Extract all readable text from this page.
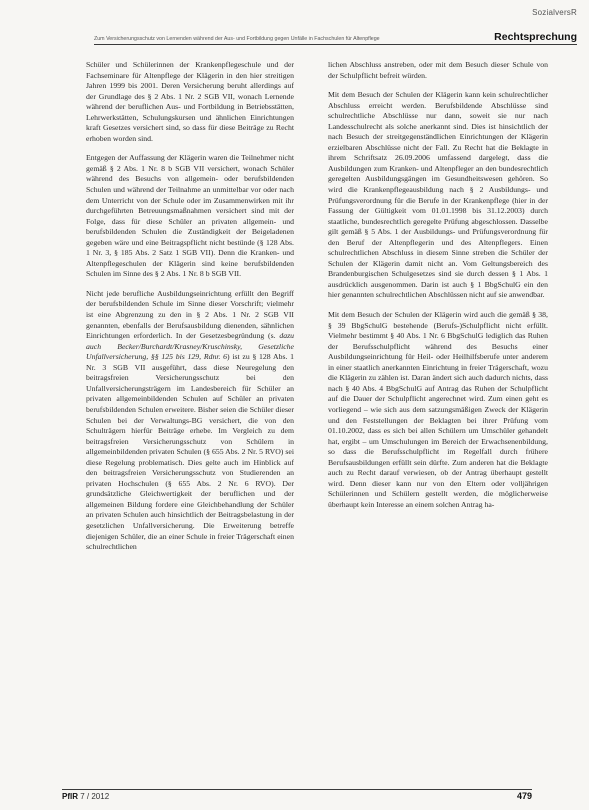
SozialversR
Zum Versicherungsschutz von Lernenden während der Aus- und Fortbildung gegen Unfälle in Fachschulen für Altenpflege	Rechtsprechung

Schüler und Schülerinnen der Krankenpflegeschule und der Fachseminare für Altenpflege der Klägerin in den hier streitigen Jahren 1999 bis 2001. Deren Versicherung beruht allerdings auf der Grundlage des § 2 Abs. 1 Nr. 2 SGB VII, wonach Lernende während der beruflichen Aus- und Fortbildung in Betriebsstätten, Lehrwerkstätten, Schulungskursen und ähnlichen Einrichtungen kraft Gesetzes versichert sind, so dass für diese Beiträge zu Recht erhoben worden sind.

Entgegen der Auffassung der Klägerin waren die Teilnehmer nicht gemäß § 2 Abs. 1 Nr. 8 b SGB VII versichert, wonach Schüler während des Besuchs von allgemein- oder berufsbildenden Schulen und während der Teilnahme an unmittelbar vor oder nach dem Unterricht von der Schule oder im Zusammenwirken mit ihr durchgeführten Betreuungsmaßnahmen versichert sind mit der Folge, dass für diese Schüler an privaten allgemein- und berufsbildenden Schulen die Zuständigkeit der Beigeladenen gegeben wäre und eine Beitragspflicht nicht bestünde (§ 128 Abs. 1 Nr. 3, § 185 Abs. 2 Satz 1 SGB VII). Denn die Kranken- und Altenpflegeschulen der Klägerin sind keine berufsbildenden Schulen im Sinne des § 2 Abs. 1 Nr. 8 b SGB VII.

Nicht jede berufliche Ausbildungseinrichtung erfüllt den Begriff der berufsbildenden Schule im Sinne dieser Vorschrift; vielmehr ist eine Abgrenzung zu den in § 2 Abs. 1 Nr. 2 SGB VII genannten, ebenfalls der Berufsausbildung dienenden, sähnlichen Einrichtungen erforderlich. In der Gesetzesbegründung (s. dazu auch Becker/Burchardt/Krasney/Kruschinsky, Gesetzliche Unfallversicherung, §§ 125 bis 129, Rdnr. 6) ist zu § 128 Abs. 1 Nr. 3 SGB VII ausgeführt, dass diese Neuregelung den beitragsfreien Versicherungsschutz bei den Unfallversicherungsträgern im Landesbereich für Schüler an privaten allgemeinbildenden Schulen auf Schüler an privaten berufsbildenden Schulen erweitere. Bisher seien die Schüler dieser Schulen bei der Verwaltungs-BG versichert, die von den Schulträgern hierfür Beiträge erhebe. Im Vergleich zu dem beitragsfreien Versicherungsschutz von Schülern in allgemeinbildenden privaten Schulen (§ 655 Abs. 2 Nr. 5 RVO) sei diese Regelung problematisch. Dies gelte auch im Hinblick auf den beitragsfreien Versicherungsschutz von Studierenden an privaten Hochschulen (§ 655 Abs. 2 Nr. 6 RVO). Der grundsätzliche Gleichwertigkeit der beruflichen und der allgemeinen Bildung fordere eine Gleichbehandlung der Schüler an privaten Schulen auch hinsichtlich der Beitragsbelastung in der gesetzlichen Unfallversicherung. Die Erweiterung betreffe diejenigen Schüler, die an einer Schule in freier Trägerschaft einen schulrechtlichen

lichen Abschluss anstreben, oder mit dem Besuch dieser Schule von der Schulpflicht befreit würden.

Mit dem Besuch der Schulen der Klägerin kann kein schulrechtlicher Abschluss erreicht werden. Berufsbildende Abschlüsse sind schulrechtliche Abschlüsse nur dann, soweit sie nur nach Landesschulrecht als solche anerkannt sind. Dies ist hinsichtlich der nach Besuch der streitgegenständlichen Einrichtungen der Klägerin erzielbaren Abschlüsse nicht der Fall. Zu Recht hat die Beklagte in ihrem Schriftsatz 26.09.2006 umfassend dargelegt, dass die Ausbildungen zum Kranken- und Altenpfleger an den bundesrechtlich geregelten Ausbildungsgängen im Gesundheitswesen gehören. So wird die Krankenpflegeausbildung nach § 2 Ausbildungs- und Prüfungsverordnung für die Berufe in der Krankenpflege (hier in der Fassung der Gültigkeit vom 01.01.1998 bis 31.12.2003) durch staatliche, bundesrechtlich geregelte Prüfung abgeschlossen. Dasselbe gilt gemäß § 5 Abs. 1 der Ausbildungs- und Prüfungsverordnung für den Beruf der Altenpflegerin und des Altenpflegers. Einen schulrechtlichen Abschluss in diesem Sinne streben die Schüler der Schulen der Klägerin damit nicht an. Vom Geltungsbereich des Brandenburgischen Schulgesetzes sind sie durch dessen § 1 Abs. 1 ausdrücklich ausgenommen. Darin ist auch § 1 BbgSchulG ein den hier genannten schulrechtlichen Abschlüssen nicht auf sie anwendbar.

Mit dem Besuch der Schulen der Klägerin wird auch die gemäß § 38, § 39 BbgSchulG bestehende (Berufs-)Schulpflicht nicht erfüllt. Vielmehr bestimmt § 40 Abs. 1 Nr. 6 BbgSchulG lediglich das Ruhen der Berufsschulpflicht während des Besuchs einer Ausbildungseinrichtung für Heil- oder Heilhilfsberufe unter anderem in einer staatlich anerkannten Einrichtung in freier Trägerschaft, wozu die Klägerin zu zählen ist. Daran ändert sich auch dadurch nichts, dass nach § 40 Abs. 4 BbgSchulG auf Antrag das Ruhen der Schulpflicht auf die Dauer der Schulpflicht angerechnet wird. Zum einen geht es vorliegend – wie sich aus dem satzungsmäßigen Zweck der Klägerin und den Feststellungen der Beklagten bei ihrer Prüfung vom 01.10.2002, dass es sich bei allen Schülern um Umschüler gehandelt hat, ergibt – um Umschulungen im Bereich der Erwachsenenbildung, so dass die Berufsschulpflicht im Regelfall durch frühere Berufsausbildungen erfüllt sein dürfte. Zum anderen hat die Beklagte auch zu Recht darauf verwiesen, ob der Antrag überhaupt gestellt wird. Denn dieser kann nur von den Eltern oder volljährigen Schülerinnen und Schülern gestellt werden, die möglicherweise überhaupt kein Interesse an einem solchen Antrag ha-

PflR 7 / 2012	479
